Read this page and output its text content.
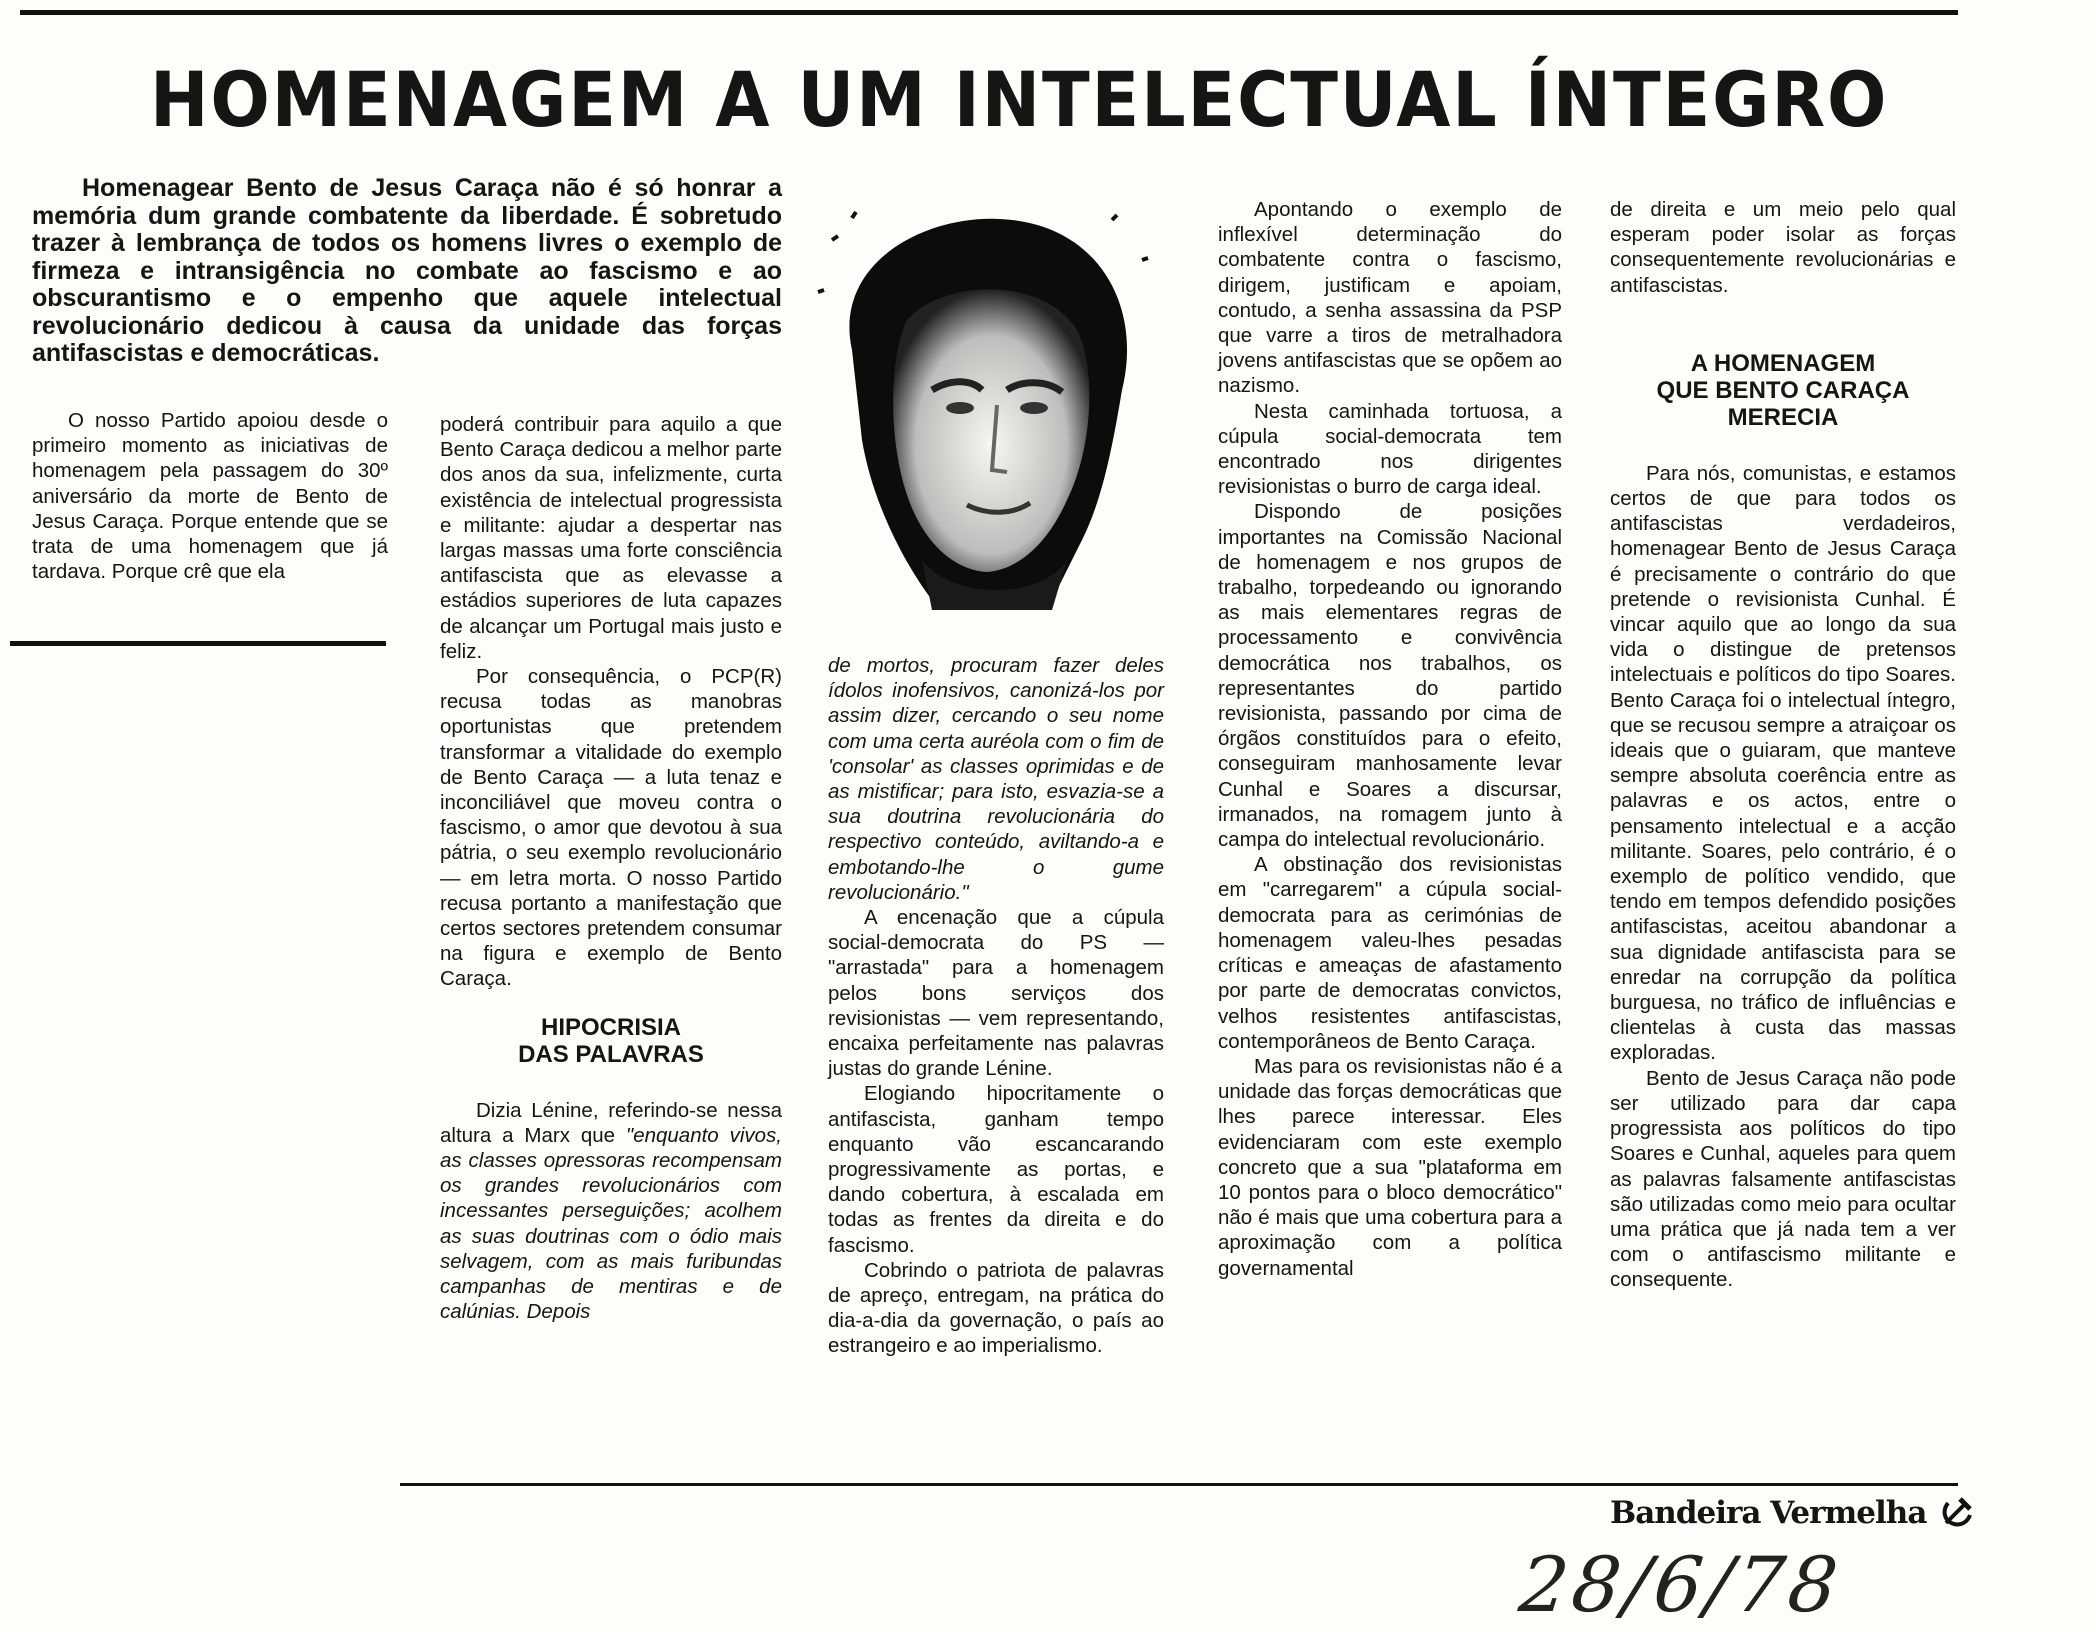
HOMENAGEM A UM INTELECTUAL ÍNTEGRO
Homenagear Bento de Jesus Caraça não é só honrar a memória dum grande combatente da liberdade. É sobretudo trazer à lembrança de todos os homens livres o exemplo de firmeza e intransigência no combate ao fascismo e ao obscurantismo e o empenho que aquele intelectual revolucionário dedicou à causa da unidade das forças antifascistas e democráticas.

O nosso Partido apoiou desde o primeiro momento as iniciativas de homenagem pela passagem do 30º aniversário da morte de Bento de Jesus Caraça. Porque entende que se trata de uma homenagem que já tardava. Porque crê que ela

poderá contribuir para aquilo a que Bento Caraça dedicou a melhor parte dos anos da sua, infelizmente, curta existência de intelectual progressista e militante: ajudar a despertar nas largas massas uma forte consciência antifascista que as elevasse a estádios superiores de luta capazes de alcançar um Portugal mais justo e feliz.

Por consequência, o PCP(R) recusa todas as manobras oportunistas que pretendem transformar a vitalidade do exemplo de Bento Caraça — a luta tenaz e inconciliável que moveu contra o fascismo, o amor que devotou à sua pátria, o seu exemplo revolucionário — em letra morta. O nosso Partido recusa portanto a manifestação que certos sectores pretendem consumar na figura e exemplo de Bento Caraça.

HIPOCRISIA
DAS PALAVRAS

Dizia Lénine, referindo-se nessa altura a Marx que "enquanto vivos, as classes opressoras recompensam os grandes revolucionários com incessantes perseguições; acolhem as suas doutrinas com o ódio mais selvagem, com as mais furibundas campanhas de mentiras e de calúnias. Depois

de mortos, procuram fazer deles ídolos inofensivos, canonizá-los por assim dizer, cercando o seu nome com uma certa auréola com o fim de 'consolar' as classes oprimidas e de as mistificar; para isto, esvazia-se a sua doutrina revolucionária do respectivo conteúdo, aviltando-a e embotando-lhe o gume revolucionário."

A encenação que a cúpula social-democrata do PS — "arrastada" para a homenagem pelos bons serviços dos revisionistas — vem representando, encaixa perfeitamente nas palavras justas do grande Lénine.

Elogiando hipocritamente o antifascista, ganham tempo enquanto vão escancarando progressivamente as portas, e dando cobertura, à escalada em todas as frentes da direita e do fascismo.

Cobrindo o patriota de palavras de apreço, entregam, na prática do dia-a-dia da governação, o país ao estrangeiro e ao imperialismo.

Apontando o exemplo de inflexível determinação do combatente contra o fascismo, dirigem, justificam e apoiam, contudo, a senha assassina da PSP que varre a tiros de metralhadora jovens antifascistas que se opõem ao nazismo.

Nesta caminhada tortuosa, a cúpula social-democrata tem encontrado nos dirigentes revisionistas o burro de carga ideal.

Dispondo de posições importantes na Comissão Nacional de homenagem e nos grupos de trabalho, torpedeando ou ignorando as mais elementares regras de processamento e convivência democrática nos trabalhos, os representantes do partido revisionista, passando por cima de órgãos constituídos para o efeito, conseguiram manhosamente levar Cunhal e Soares a discursar, irmanados, na romagem junto à campa do intelectual revolucionário.

A obstinação dos revisionistas em "carregarem" a cúpula social-democrata para as cerimónias de homenagem valeu-lhes pesadas críticas e ameaças de afastamento por parte de democratas convictos, velhos resistentes antifascistas, contemporâneos de Bento Caraça.

Mas para os revisionistas não é a unidade das forças democráticas que lhes parece interessar. Eles evidenciaram com este exemplo concreto que a sua "plataforma em 10 pontos para o bloco democrático" não é mais que uma cobertura para a aproximação com a política governamental

de direita e um meio pelo qual esperam poder isolar as forças consequentemente revolucionárias e antifascistas.

A HOMENAGEM
QUE BENTO CARAÇA
MERECIA

Para nós, comunistas, e estamos certos de que para todos os antifascistas verdadeiros, homenagear Bento de Jesus Caraça é precisamente o contrário do que pretende o revisionista Cunhal. É vincar aquilo que ao longo da sua vida o distingue de pretensos intelectuais e políticos do tipo Soares. Bento Caraça foi o intelectual íntegro, que se recusou sempre a atraiçoar os ideais que o guiaram, que manteve sempre absoluta coerência entre as palavras e os actos, entre o pensamento intelectual e a acção militante. Soares, pelo contrário, é o exemplo de político vendido, que tendo em tempos defendido posições antifascistas, aceitou abandonar a sua dignidade antifascista para se enredar na corrupção da política burguesa, no tráfico de influências e clientelas à custa das massas exploradas.

Bento de Jesus Caraça não pode ser utilizado para dar capa progressista aos políticos do tipo Soares e Cunhal, aqueles para quem as palavras falsamente antifascistas são utilizadas como meio para ocultar uma prática que já nada tem a ver com o antifascismo militante e consequente.

Bandeira Vermelha
28/6/78
